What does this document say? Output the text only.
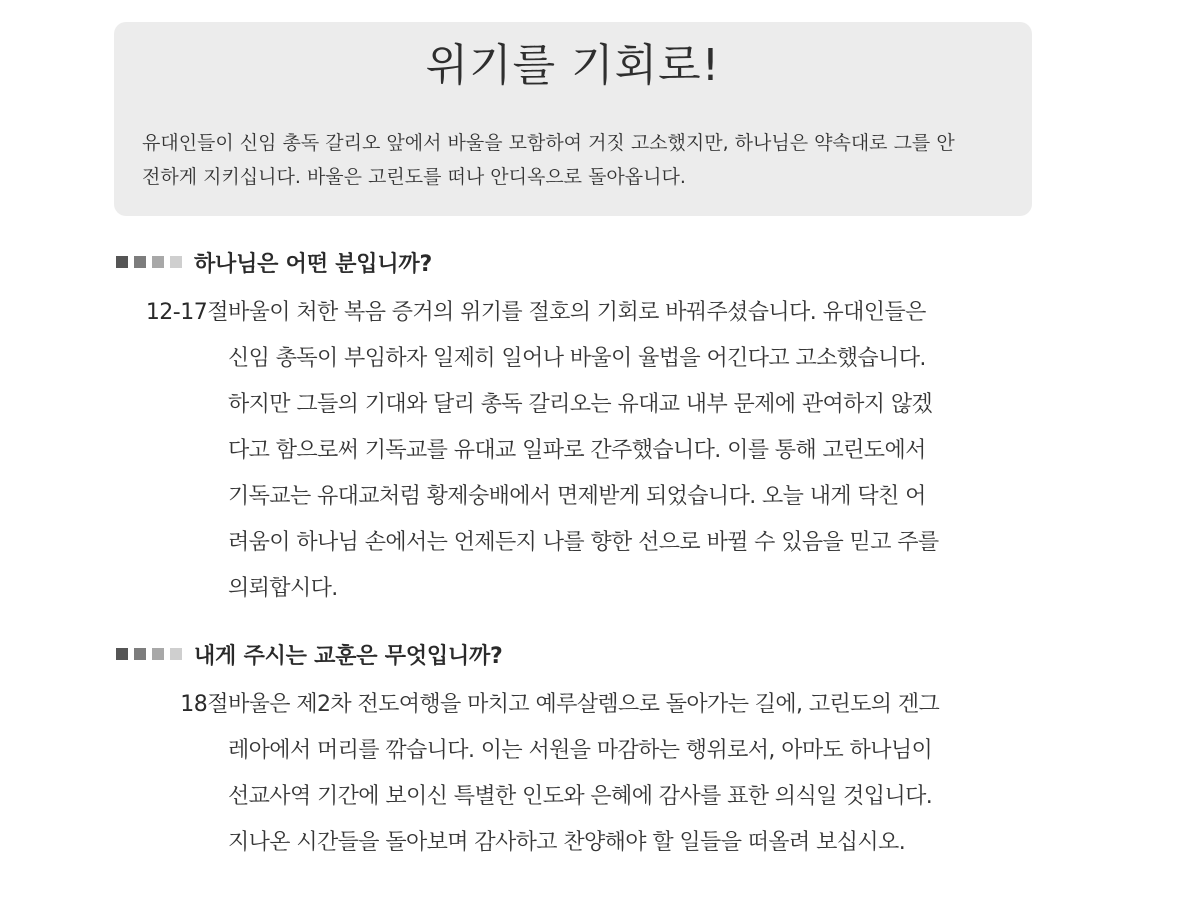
위기를 기회로!

유대인들이 신임 총독 갈리오 앞에서 바울을 모함하여 거짓 고소했지만, 하나님은 약속대로 그를 안
전하게 지키십니다. 바울은 고린도를 떠나 안디옥으로 돌아옵니다.

하나님은 어떤 분입니까?
12-17절 바울이 처한 복음 증거의 위기를 절호의 기회로 바꿔주셨습니다. 유대인들은
신임 총독이 부임하자 일제히 일어나 바울이 율법을 어긴다고 고소했습니다.
하지만 그들의 기대와 달리 총독 갈리오는 유대교 내부 문제에 관여하지 않겠
다고 함으로써 기독교를 유대교 일파로 간주했습니다. 이를 통해 고린도에서
기독교는 유대교처럼 황제숭배에서 면제받게 되었습니다. 오늘 내게 닥친 어
려움이 하나님 손에서는 언제든지 나를 향한 선으로 바뀔 수 있음을 믿고 주를
의뢰합시다.
내게 주시는 교훈은 무엇입니까?
18절 바울은 제2차 전도여행을 마치고 예루살렘으로 돌아가는 길에, 고린도의 겐그
레아에서 머리를 깎습니다. 이는 서원을 마감하는 행위로서, 아마도 하나님이
선교사역 기간에 보이신 특별한 인도와 은혜에 감사를 표한 의식일 것입니다.
지나온 시간들을 돌아보며 감사하고 찬양해야 할 일들을 떠올려 보십시오.
